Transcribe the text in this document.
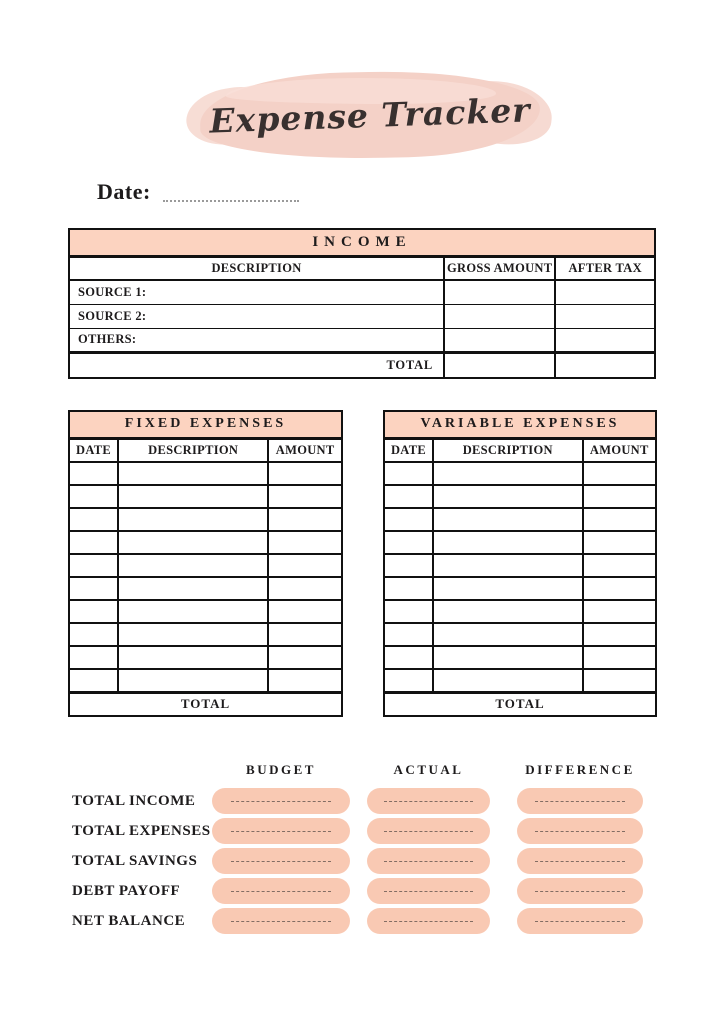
Expense Tracker
Date:
INCOME		
DESCRIPTION	GROSS AMOUNT	AFTER TAX
SOURCE 1:		
SOURCE 2:		
OTHERS:		
TOTAL		
FIXED EXPENSES		
DATE	DESCRIPTION	AMOUNT

TOTAL		
VARIABLE EXPENSES		
DATE	DESCRIPTION	AMOUNT

TOTAL		
BUDGET	ACTUAL	DIFFERENCE
TOTAL INCOME
TOTAL EXPENSES
TOTAL SAVINGS
DEBT PAYOFF
NET BALANCE
